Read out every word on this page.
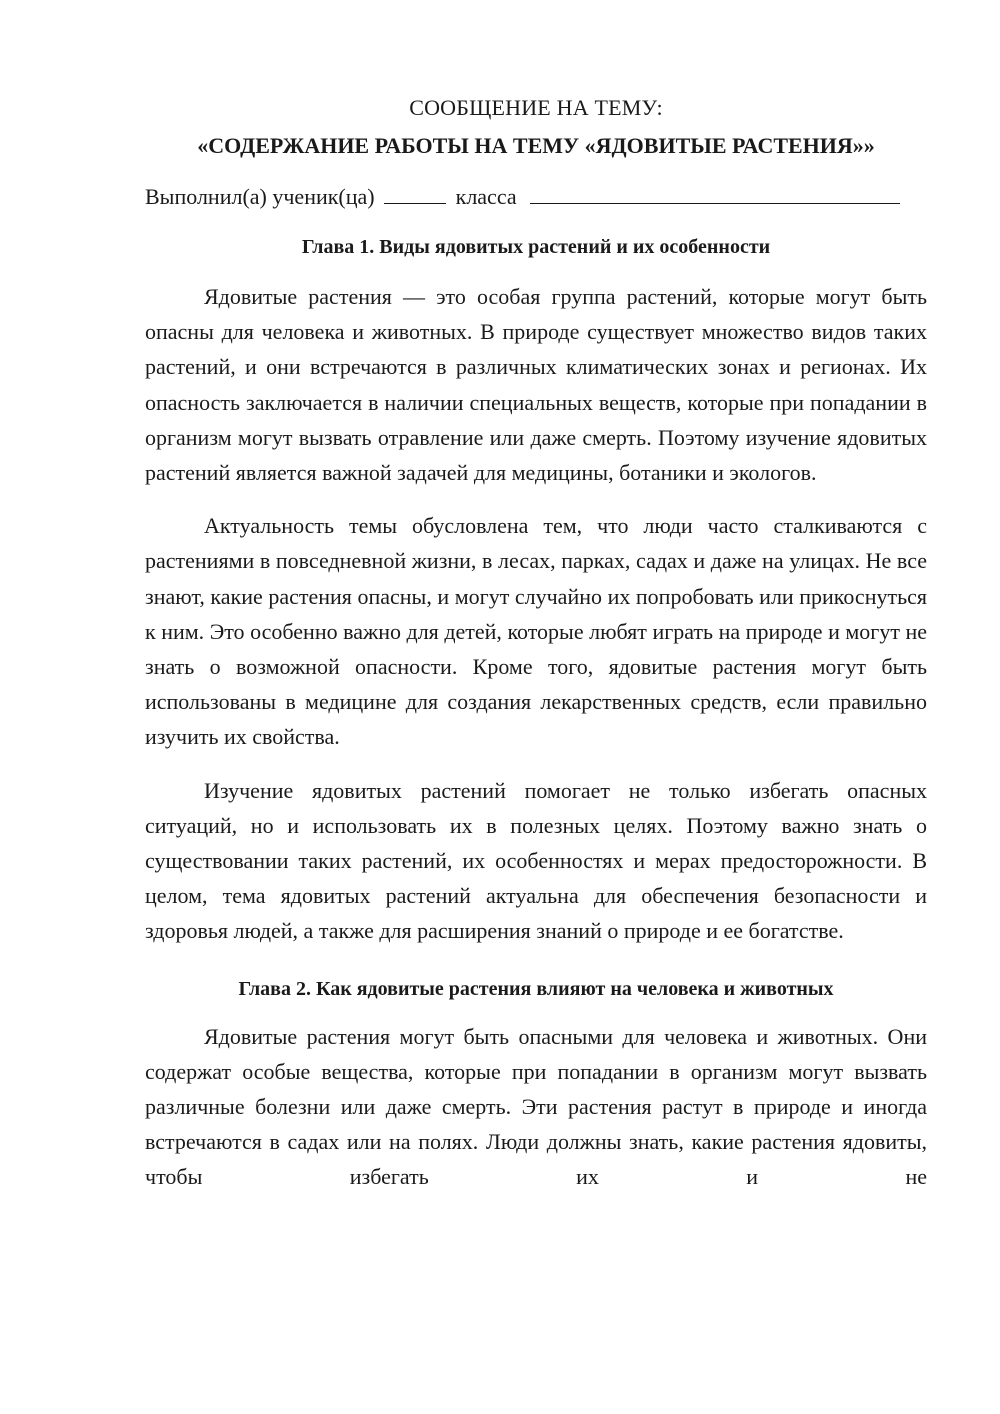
СООБЩЕНИЕ НА ТЕМУ:

«СОДЕРЖАНИЕ РАБОТЫ НА ТЕМУ «ЯДОВИТЫЕ РАСТЕНИЯ»»

Выполнил(а) ученик(ца)	класса

Глава 1. Виды ядовитых растений и их особенности

Ядовитые растения — это особая группа растений, которые могут быть опасны для человека и животных. В природе существует множество видов таких растений, и они встречаются в различных климатических зонах и регионах. Их опасность заключается в наличии специальных веществ, которые при попадании в организм могут вызвать отравление или даже смерть. Поэтому изучение ядовитых растений является важной задачей для медицины, ботаники и экологов.

Актуальность темы обусловлена тем, что люди часто сталкиваются с растениями в повседневной жизни, в лесах, парках, садах и даже на улицах. Не все знают, какие растения опасны, и могут случайно их попробовать или прикоснуться к ним. Это особенно важно для детей, которые любят играть на природе и могут не знать о возможной опасности. Кроме того, ядовитые растения могут быть использованы в медицине для создания лекарственных средств, если правильно изучить их свойства.

Изучение ядовитых растений помогает не только избегать опасных ситуаций, но и использовать их в полезных целях. Поэтому важно знать о существовании таких растений, их особенностях и мерах предосторожности. В целом, тема ядовитых растений актуальна для обеспечения безопасности и здоровья людей, а также для расширения знаний о природе и ее богатстве.

Глава 2. Как ядовитые растения влияют на человека и животных

Ядовитые растения могут быть опасными для человека и животных. Они содержат особые вещества, которые при попадании в организм могут вызвать различные болезни или даже смерть. Эти растения растут в природе и иногда встречаются в садах или на полях. Люди должны знать, какие растения ядовиты, чтобы избегать их и не
